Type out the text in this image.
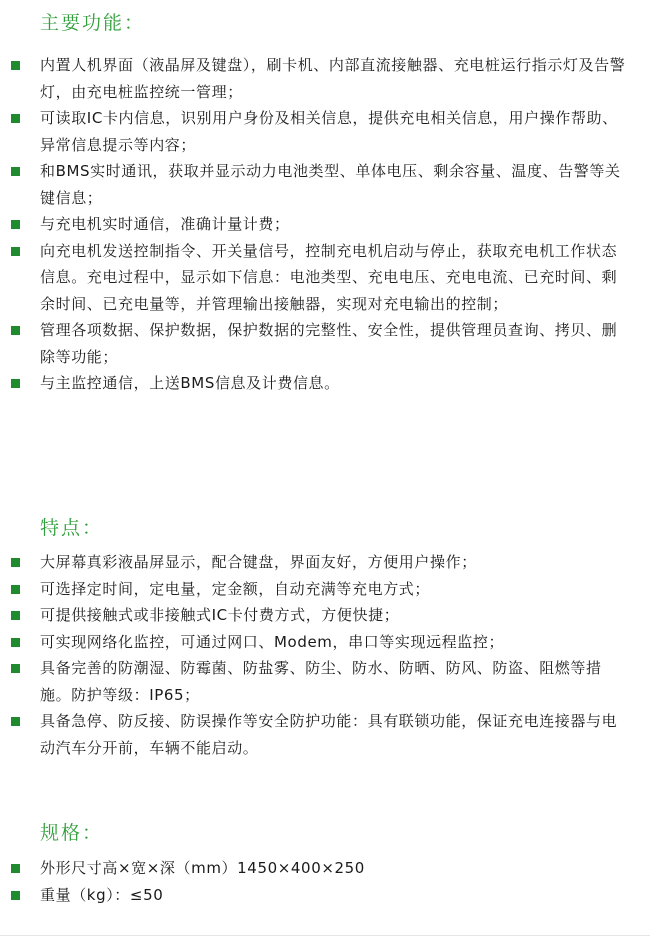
主要功能：
内置人机界面（液晶屏及键盘），刷卡机、内部直流接触器、充电桩运行指示灯及告警灯，由充电桩监控统一管理；
可读取IC卡内信息，识别用户身份及相关信息，提供充电相关信息，用户操作帮助、异常信息提示等内容；
和BMS实时通讯，获取并显示动力电池类型、单体电压、剩余容量、温度、告警等关键信息；
与充电机实时通信，准确计量计费；
向充电机发送控制指令、开关量信号，控制充电机启动与停止，获取充电机工作状态信息。充电过程中，显示如下信息：电池类型、充电电压、充电电流、已充时间、剩余时间、已充电量等，并管理输出接触器，实现对充电输出的控制；
管理各项数据、保护数据，保护数据的完整性、安全性，提供管理员查询、拷贝、删除等功能；
与主监控通信，上送BMS信息及计费信息。
特点：
大屏幕真彩液晶屏显示，配合键盘，界面友好，方便用户操作；
可选择定时间，定电量，定金额，自动充满等充电方式；
可提供接触式或非接触式IC卡付费方式，方便快捷；
可实现网络化监控，可通过网口、Modem，串口等实现远程监控；
具备完善的防潮湿、防霉菌、防盐雾、防尘、防水、防晒、防风、防盗、阻燃等措施。防护等级：IP65；
具备急停、防反接、防误操作等安全防护功能：具有联锁功能，保证充电连接器与电动汽车分开前，车辆不能启动。
规格：
外形尺寸高×宽×深（mm）1450×400×250
重量（kg）：≤50
